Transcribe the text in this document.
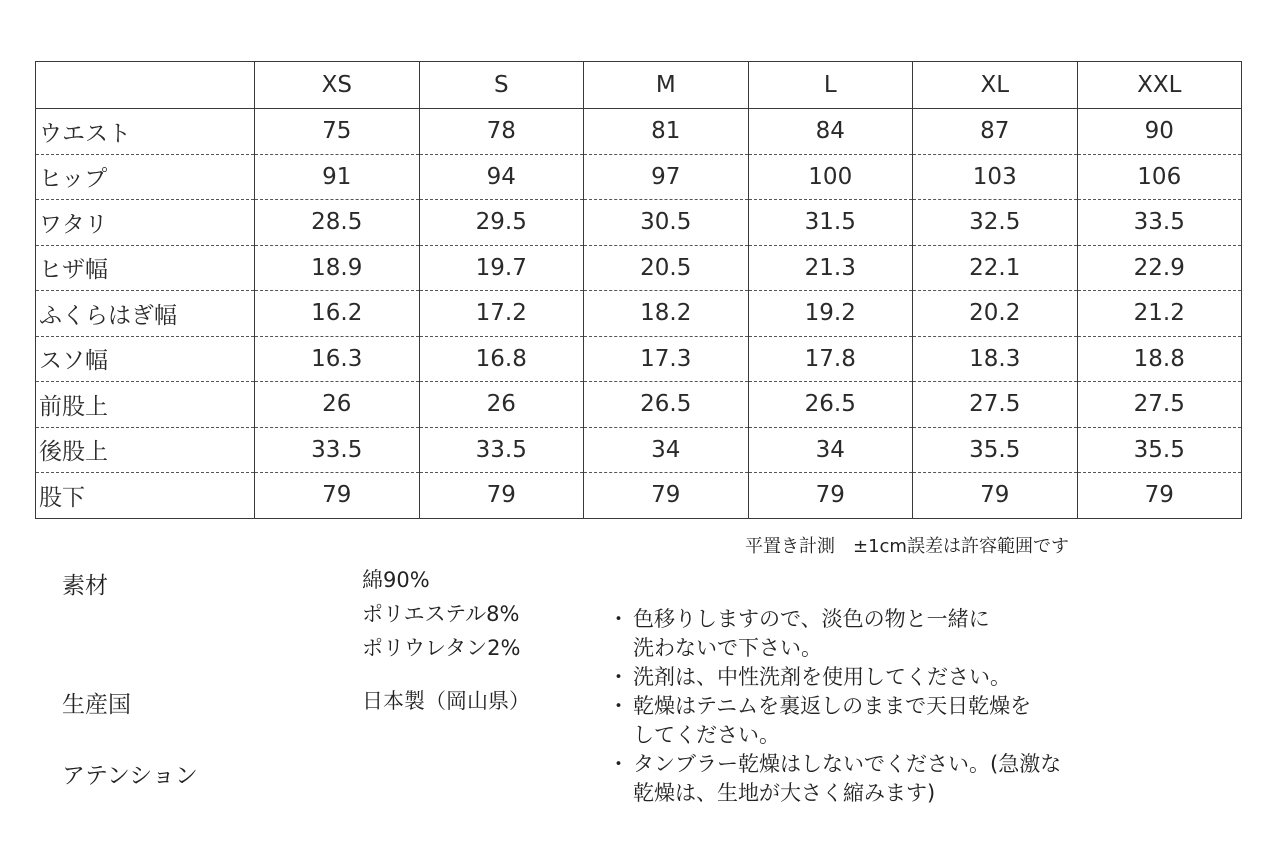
	XS	S	M	L	XL	XXL
ウエスト	75	78	81	84	87	90
ヒップ	91	94	97	100	103	106
ワタリ	28.5	29.5	30.5	31.5	32.5	33.5
ヒザ幅	18.9	19.7	20.5	21.3	22.1	22.9
ふくらはぎ幅	16.2	17.2	18.2	19.2	20.2	21.2
スソ幅	16.3	16.8	17.3	17.8	18.3	18.8
前股上	26	26	26.5	26.5	27.5	27.5
後股上	33.5	33.5	34	34	35.5	35.5
股下	79	79	79	79	79	79
平置き計測　±1cm誤差は許容範囲です
素材	綿90%
ポリエステル8%
ポリウレタン2%
生産国	日本製（岡山県）
アテンション
・ 色移りしますので、淡色の物と一緒に
洗わないで下さい。
・ 洗剤は、中性洗剤を使用してください。
・ 乾燥はテニムを裏返しのままで天日乾燥を
してください。
・ タンブラー乾燥はしないでください。(急激な
乾燥は、生地が大さく縮みます)
